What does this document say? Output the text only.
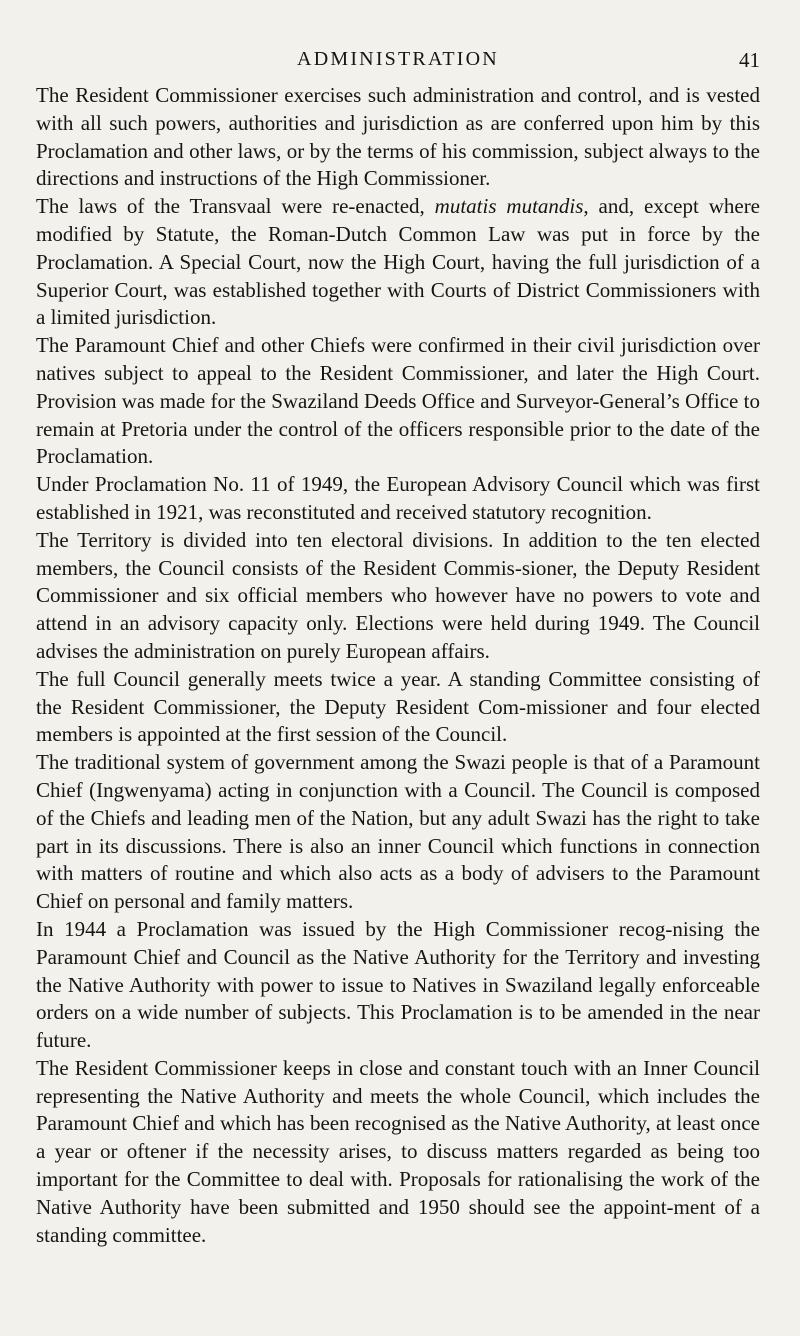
ADMINISTRATION	41

The Resident Commissioner exercises such administration and control, and is vested with all such powers, authorities and jurisdiction as are conferred upon him by this Proclamation and other laws, or by the terms of his commission, subject always to the directions and instructions of the High Commissioner.

The laws of the Transvaal were re-enacted, mutatis mutandis, and, except where modified by Statute, the Roman-Dutch Common Law was put in force by the Proclamation. A Special Court, now the High Court, having the full jurisdiction of a Superior Court, was established together with Courts of District Commissioners with a limited jurisdiction.

The Paramount Chief and other Chiefs were confirmed in their civil jurisdiction over natives subject to appeal to the Resident Commissioner, and later the High Court. Provision was made for the Swaziland Deeds Office and Surveyor-General’s Office to remain at Pretoria under the control of the officers responsible prior to the date of the Proclamation.

Under Proclamation No. 11 of 1949, the European Advisory Council which was first established in 1921, was reconstituted and received statutory recognition.

The Territory is divided into ten electoral divisions. In addition to the ten elected members, the Council consists of the Resident Commis-sioner, the Deputy Resident Commissioner and six official members who however have no powers to vote and attend in an advisory capacity only. Elections were held during 1949. The Council advises the administration on purely European affairs.

The full Council generally meets twice a year. A standing Committee consisting of the Resident Commissioner, the Deputy Resident Com-missioner and four elected members is appointed at the first session of the Council.

The traditional system of government among the Swazi people is that of a Paramount Chief (Ingwenyama) acting in conjunction with a Council. The Council is composed of the Chiefs and leading men of the Nation, but any adult Swazi has the right to take part in its discussions. There is also an inner Council which functions in connection with matters of routine and which also acts as a body of advisers to the Paramount Chief on personal and family matters.

In 1944 a Proclamation was issued by the High Commissioner recog-nising the Paramount Chief and Council as the Native Authority for the Territory and investing the Native Authority with power to issue to Natives in Swaziland legally enforceable orders on a wide number of subjects. This Proclamation is to be amended in the near future.

The Resident Commissioner keeps in close and constant touch with an Inner Council representing the Native Authority and meets the whole Council, which includes the Paramount Chief and which has been recognised as the Native Authority, at least once a year or oftener if the necessity arises, to discuss matters regarded as being too important for the Committee to deal with. Proposals for rationalising the work of the Native Authority have been submitted and 1950 should see the appoint-ment of a standing committee.
